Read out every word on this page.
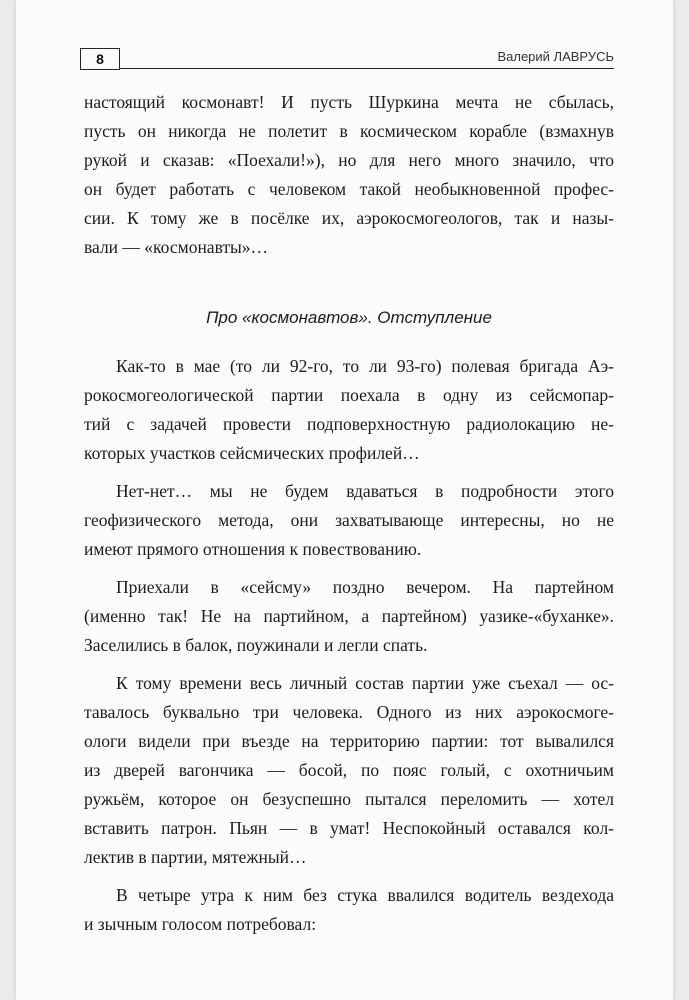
8	Валерий ЛАВРУСЬ
настоящий космонавт! И пусть Шуркина мечта не сбылась,
пусть он никогда не полетит в космическом корабле (взмахнув
рукой и сказав: «Поехали!»), но для него много значило, что
он будет работать с человеком такой необыкновенной профес-
сии. К тому же в посёлке их, аэрокосмогеологов, так и назы-
вали — «космонавты»…
Про «космонавтов». Отступление
Как-то в мае (то ли 92-го, то ли 93-го) полевая бригада Аэ-
рокосмогеологической партии поехала в одну из сейсмопар-
тий с задачей провести подповерхностную радиолокацию не-
которых участков сейсмических профилей…
Нет-нет… мы не будем вдаваться в подробности этого
геофизического метода, они захватывающе интересны, но не
имеют прямого отношения к повествованию.
Приехали в «сейсму» поздно вечером. На партейном
(именно так! Не на партийном, а партейном) уазике-«буханке».
Заселились в балок, поужинали и легли спать.
К тому времени весь личный состав партии уже съехал — ос-
тавалось буквально три человека. Одного из них аэрокосмоге-
ологи видели при въезде на территорию партии: тот вывалился
из дверей вагончика — босой, по пояс голый, с охотничьим
ружьём, которое он безуспешно пытался переломить — хотел
вставить патрон. Пьян — в умат! Неспокойный оставался кол-
лектив в партии, мятежный…
В четыре утра к ним без стука ввалился водитель вездехода
и зычным голосом потребовал:
